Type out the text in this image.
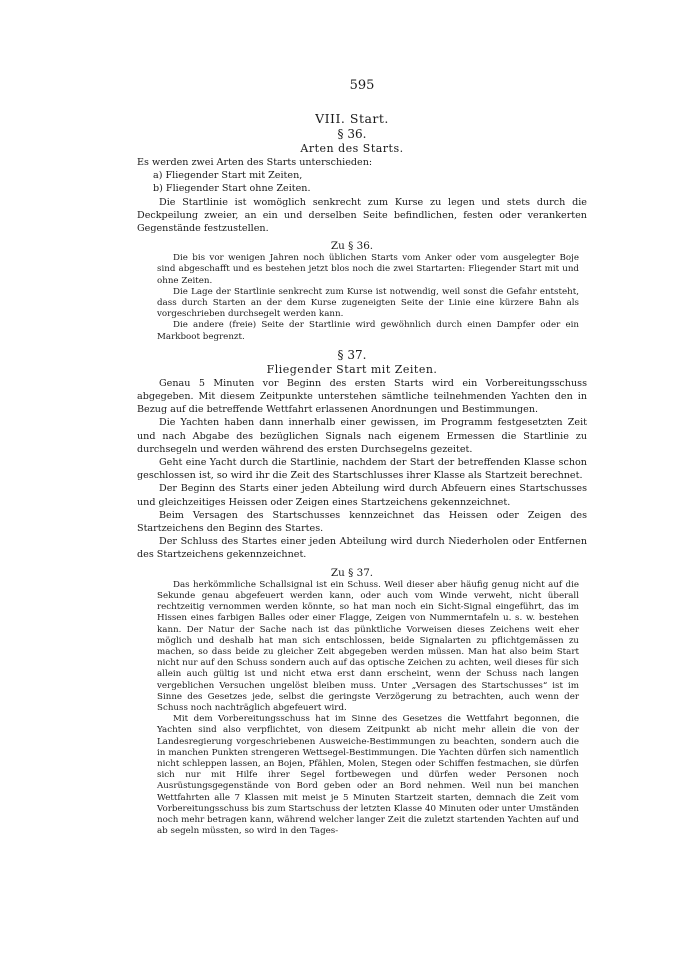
595
VIII. Start.
§ 36.
Arten des Starts.

Es werden zwei Arten des Starts unterschieden:

a) Fliegender Start mit Zeiten,

b) Fliegender Start ohne Zeiten.

Die Startlinie ist womöglich senkrecht zum Kurse zu legen und stets durch die Deckpeilung zweier, an ein und derselben Seite befindlichen, festen oder verankerten Gegenstände festzustellen.

Zu § 36.

Die bis vor wenigen Jahren noch üblichen Starts vom Anker oder vom ausgelegter Boje sind abgeschafft und es bestehen jetzt blos noch die zwei Startarten: Fliegender Start mit und ohne Zeiten.

Die Lage der Startlinie senkrecht zum Kurse ist notwendig, weil sonst die Gefahr entsteht, dass durch Starten an der dem Kurse zugeneigten Seite der Linie eine kürzere Bahn als vorgeschrieben durchsegelt werden kann.

Die andere (freie) Seite der Startlinie wird gewöhnlich durch einen Dampfer oder ein Markboot begrenzt.

§ 37.
Fliegender Start mit Zeiten.

Genau 5 Minuten vor Beginn des ersten Starts wird ein Vorbereitungsschuss abgegeben. Mit diesem Zeitpunkte unterstehen sämtliche teilnehmenden Yachten den in Bezug auf die betreffende Wettfahrt erlassenen Anordnungen und Bestimmungen.

Die Yachten haben dann innerhalb einer gewissen, im Programm festgesetzten Zeit und nach Abgabe des bezüglichen Signals nach eigenem Ermessen die Startlinie zu durchsegeln und werden während des ersten Durchsegelns gezeitet.

Geht eine Yacht durch die Startlinie, nachdem der Start der betreffenden Klasse schon geschlossen ist, so wird ihr die Zeit des Startschlusses ihrer Klasse als Startzeit berechnet.

Der Beginn des Starts einer jeden Abteilung wird durch Abfeuern eines Startschusses und gleichzeitiges Heissen oder Zeigen eines Startzeichens gekennzeichnet.

Beim Versagen des Startschusses kennzeichnet das Heissen oder Zeigen des Startzeichens den Beginn des Startes.

Der Schluss des Startes einer jeden Abteilung wird durch Niederholen oder Entfernen des Startzeichens gekennzeichnet.

Zu § 37.

Das herkömmliche Schallsignal ist ein Schuss. Weil dieser aber häufig genug nicht auf die Sekunde genau abgefeuert werden kann, oder auch vom Winde verweht, nicht überall rechtzeitig vernommen werden könnte, so hat man noch ein Sicht-Signal eingeführt, das im Hissen eines farbigen Balles oder einer Flagge, Zeigen von Nummerntafeln u. s. w. bestehen kann. Der Natur der Sache nach ist das pünktliche Vorweisen dieses Zeichens weit eher möglich und deshalb hat man sich entschlossen, beide Signalarten zu pflichtgemässen zu machen, so dass beide zu gleicher Zeit abgegeben werden müssen. Man hat also beim Start nicht nur auf den Schuss sondern auch auf das optische Zeichen zu achten, weil dieses für sich allein auch gültig ist und nicht etwa erst dann erscheint, wenn der Schuss nach langen vergeblichen Versuchen ungelöst bleiben muss. Unter „Versagen des Startschusses“ ist im Sinne des Gesetzes jede, selbst die geringste Verzögerung zu betrachten, auch wenn der Schuss noch nachträglich abgefeuert wird.

Mit dem Vorbereitungsschuss hat im Sinne des Gesetzes die Wettfahrt begonnen, die Yachten sind also verpflichtet, von diesem Zeitpunkt ab nicht mehr allein die von der Landesregierung vorgeschriebenen Ausweiche-Bestimmungen zu beachten, sondern auch die in manchen Punkten strengeren Wettsegel-Bestimmungen. Die Yachten dürfen sich namentlich nicht schleppen lassen, an Bojen, Pfählen, Molen, Stegen oder Schiffen festmachen, sie dürfen sich nur mit Hilfe ihrer Segel fortbewegen und dürfen weder Personen noch Ausrüstungsgegenstände von Bord geben oder an Bord nehmen. Weil nun bei manchen Wettfahrten alle 7 Klassen mit meist je 5 Minuten Startzeit starten, demnach die Zeit vom Vorbereitungsschuss bis zum Startschuss der letzten Klasse 40 Minuten oder unter Umständen noch mehr betragen kann, während welcher langer Zeit die zuletzt startenden Yachten auf und ab segeln müssten, so wird in den Tages-
